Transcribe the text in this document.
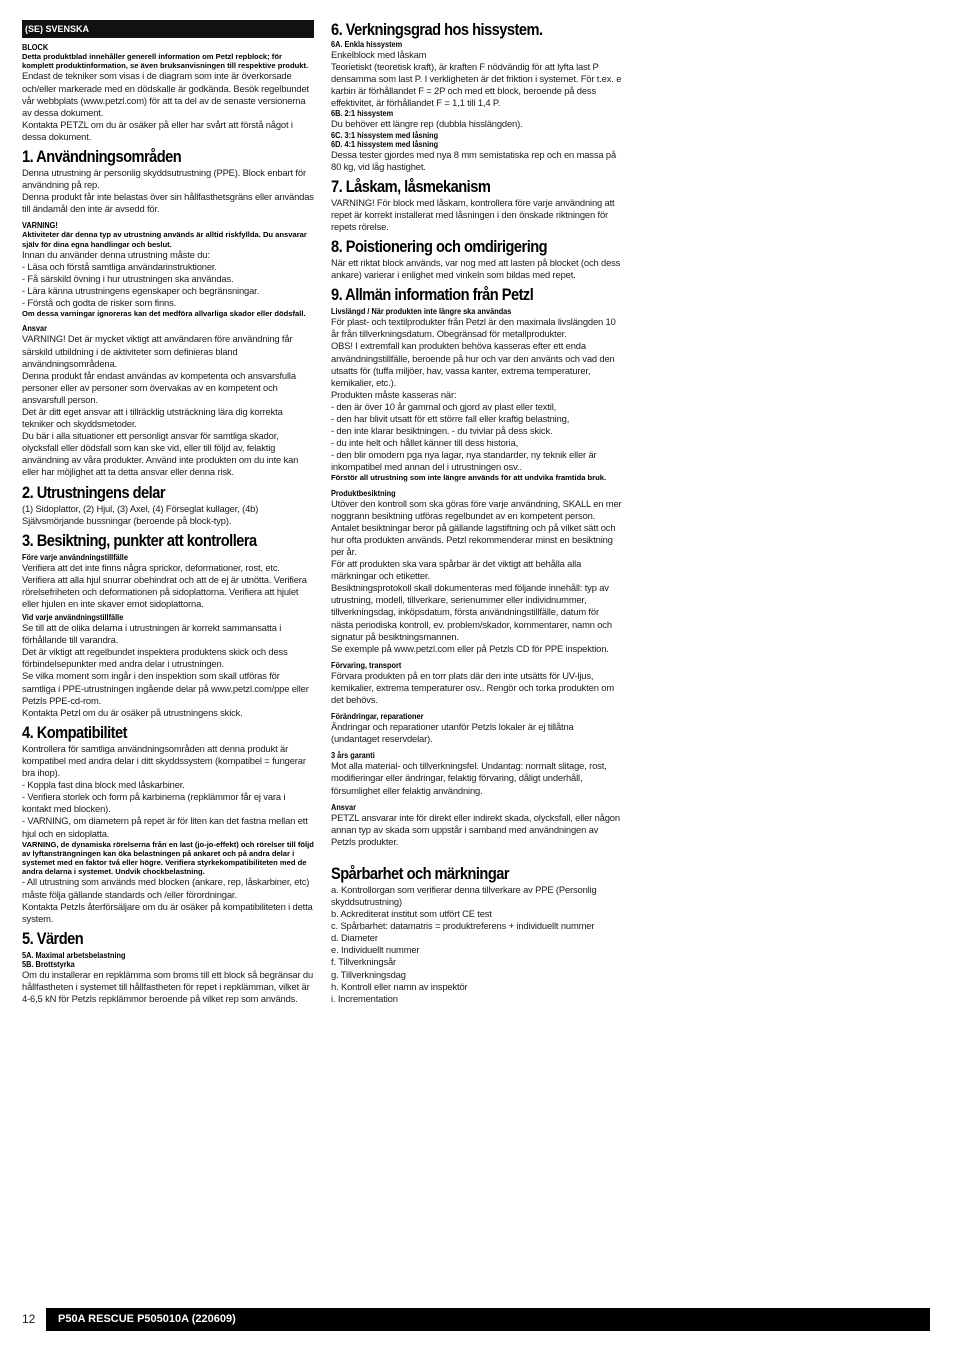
(SE) SVENSKA
BLOCK

Detta produktblad innehåller generell information om Petzl repblock; för komplett produktinformation, se även bruksanvisningen till respektive produkt.

Endast de tekniker som visas i de diagram som inte är överkorsade och/eller markerade med en dödskalle är godkända. Besök regelbundet vår webbplats (www.petzl.com) för att ta del av de senaste versionerna av dessa dokument.

Kontakta PETZL om du är osäker på eller har svårt att förstå något i dessa dokument.

1. Användningsområden

Denna utrustning är personlig skyddsutrustning (PPE). Block enbart för användning på rep.

Denna produkt får inte belastas över sin hållfasthetsgräns eller användas till ändamål den inte är avsedd för.

VARNING!

Aktiviteter där denna typ av utrustning används är alltid riskfyllda. Du ansvarar själv för dina egna handlingar och beslut.

Innan du använder denna utrustning måste du:

- Läsa och förstå samtliga användarinstruktioner.
- Få särskild övning i hur utrustningen ska användas.
- Lära känna utrustningens egenskaper och begränsningar.
- Förstå och godta de risker som finns.

Om dessa varningar ignoreras kan det medföra allvarliga skador eller dödsfall.

Ansvar

VARNING! Det är mycket viktigt att användaren före användning får särskild utbildning i de aktiviteter som definieras bland användningsområdena.

Denna produkt får endast användas av kompetenta och ansvarsfulla personer eller av personer som övervakas av en kompetent och ansvarsfull person.

Det är ditt eget ansvar att i tillräcklig utsträckning lära dig korrekta tekniker och skyddsmetoder.

Du bär i alla situationer ett personligt ansvar för samtliga skador, olycksfall eller dödsfall som kan ske vid, eller till följd av, felaktig användning av våra produkter. Använd inte produkten om du inte kan eller har möjlighet att ta detta ansvar eller denna risk.

2. Utrustningens delar

(1) Sidoplattor, (2) Hjul, (3) Axel, (4) Förseglat kullager, (4b) Självsmörjande bussningar (beroende på block-typ).

3. Besiktning, punkter att kontrollera
Före varje användningstillfälle

Verifiera att det inte finns några sprickor, deformationer, rost, etc. Verifiera att alla hjul snurrar obehindrat och att de ej är utnötta. Verifiera rörelsefriheten och deformationen på sidoplattorna. Verifiera att hjulet eller hjulen en inte skaver emot sidoplattorna.

Vid varje användningstillfälle

Se till att de olika delarna i utrustningen är korrekt sammansatta i förhållande till varandra.

Det är viktigt att regelbundet inspektera produktens skick och dess förbindelsepunkter med andra delar i utrustningen.

Se vilka moment som ingår i den inspektion som skall utföras för samtliga i PPE-utrustningen ingående delar på www.petzl.com/ppe eller Petzls PPE-cd-rom.

Kontakta Petzl om du är osäker på utrustningens skick.

4. Kompatibilitet

Kontrollera för samtliga användningsområden att denna produkt är kompatibel med andra delar i ditt skyddssystem (kompatibel = fungerar bra ihop).

- Koppla fast dina block med låskarbiner.
- Verifiera storlek och form på karbinerna (repklämmor får ej vara i kontakt med blocken).
- VARNING, om diametern på repet är för liten kan det fastna mellan ett hjul och en sidoplatta.

VARNING, de dynamiska rörelserna från en last (jo-jo-effekt) och rörelser till följd av lyftansträngningen kan öka belastningen på ankaret och på andra delar i systemet med en faktor två eller högre. Verifiera styrkekompatibiliteten med de andra delarna i systemet. Undvik chockbelastning.

- All utrustning som används med blocken (ankare, rep, låskarbiner, etc) måste följa gällande standards och /eller förordningar.

Kontakta Petzls återförsäljare om du är osäker på kompatibiliteten i detta system.

5. Värden
5A. Maximal arbetsbelastning
5B. Brottstyrka

Om du installerar en repklämma som broms till ett block så begränsar du hållfastheten i systemet till hållfastheten för repet i repklämman, vilket är 4-6,5 kN för Petzls repklämmor beroende på vilket rep som används.

6. Verkningsgrad hos hissystem.
6A. Enkla hissystem

Enkelblock med låskam

Teorietiskt (teoretisk kraft), är kraften F nödvändig för att lyfta last P densamma som last P. I verkligheten är det friktion i systemet. För t.ex. e karbin är förhållandet F = 2P och med ett block, beroende på dess effektivitet, är förhållandet F = 1,1 till 1,4 P.

6B. 2:1 hissystem

Du behöver ett längre rep (dubbla hisslängden).

6C. 3:1 hissystem med låsning
6D. 4:1 hissystem med låsning

Dessa tester gjordes med nya 8 mm semistatiska rep och en massa på 80 kg, vid låg hastighet.

7. Låskam, låsmekanism

VARNING! För block med låskam, kontrollera före varje användning att repet är korrekt installerat med låsningen i den önskade riktningen för repets rörelse.

8. Poistionering och omdirigering

När ett riktat block används, var nog med att lasten på blocket (och dess ankare) varierar i enlighet med vinkeln som bildas med repet.

9. Allmän information från Petzl
Livslängd / När produkten inte längre ska användas

För plast- och textilprodukter från Petzl är den maximala livslängden 10 år från tillverkningsdatum. Obegränsad för metallprodukter.

OBS! I extremfall kan produkten behöva kasseras efter ett enda användningstillfälle, beroende på hur och var den använts och vad den utsatts för (tuffa miljöer, hav, vassa kanter, extrema temperaturer, kemikalier, etc.).

Produkten måste kasseras när:

- den är över 10 år gammal och gjord av plast eller textil,
- den har blivit utsatt för ett större fall eller kraftig belastning,
- den inte klarar besiktningen. - du tvivlar på dess skick.
- du inte helt och hållet känner till dess historia,
- den blir omodern pga nya lagar, nya standarder, ny teknik eller är inkompatibel med annan del i utrustningen osv..

Förstör all utrustning som inte längre används för att undvika framtida bruk.

Produktbesiktning

Utöver den kontroll som ska göras före varje användning, SKALL en mer noggrann besiktning utföras regelbundet av en kompetent person. Antalet besiktningar beror på gällande lagstiftning och på vilket sätt och hur ofta produkten används. Petzl rekommenderar minst en besiktning per år.

För att produkten ska vara spårbar är det viktigt att behålla alla märkningar och etiketter.

Besiktningsprotokoll skall dokumenteras med följande innehåll: typ av utrustning, modell, tillverkare, serienummer eller individnummer, tillverkningsdag, inköpsdatum, första användningstillfälle, datum för nästa periodiska kontroll, ev. problem/skador, kommentarer, namn och signatur på besiktningsmannen.

Se exemple på www.petzl.com eller på Petzls CD för PPE inspektion.

Förvaring, transport

Förvara produkten på en torr plats där den inte utsätts för UV-ljus, kemikalier, extrema temperaturer osv.. Rengör och torka produkten om det behövs.

Förändringar, reparationer

Ändringar och reparationer utanför Petzls lokaler är ej tillåtna (undantaget reservdelar).

3 års garanti

Mot alla material- och tillverkningsfel. Undantag: normalt slitage, rost, modifieringar eller ändringar, felaktig förvaring, dåligt underhåll, försumlighet eller felaktig användning.

Ansvar

PETZL ansvarar inte för direkt eller indirekt skada, olycksfall, eller någon annan typ av skada som uppstår i samband med användningen av Petzls produkter.

Spårbarhet och märkningar
a. Kontrollorgan som verifierar denna tillverkare av PPE (Personlig skyddsutrustning)
b. Ackrediterat institut som utfört CE test
c. Spårbarhet: datamatris = produktreferens + individuellt nummer
d. Diameter
e. Individuellt nummer
f. Tillverkningsår
g. Tillverkningsdag
h. Kontroll eller namn av inspektör
i. Incrementation
12	P50A RESCUE P505010A (220609)
